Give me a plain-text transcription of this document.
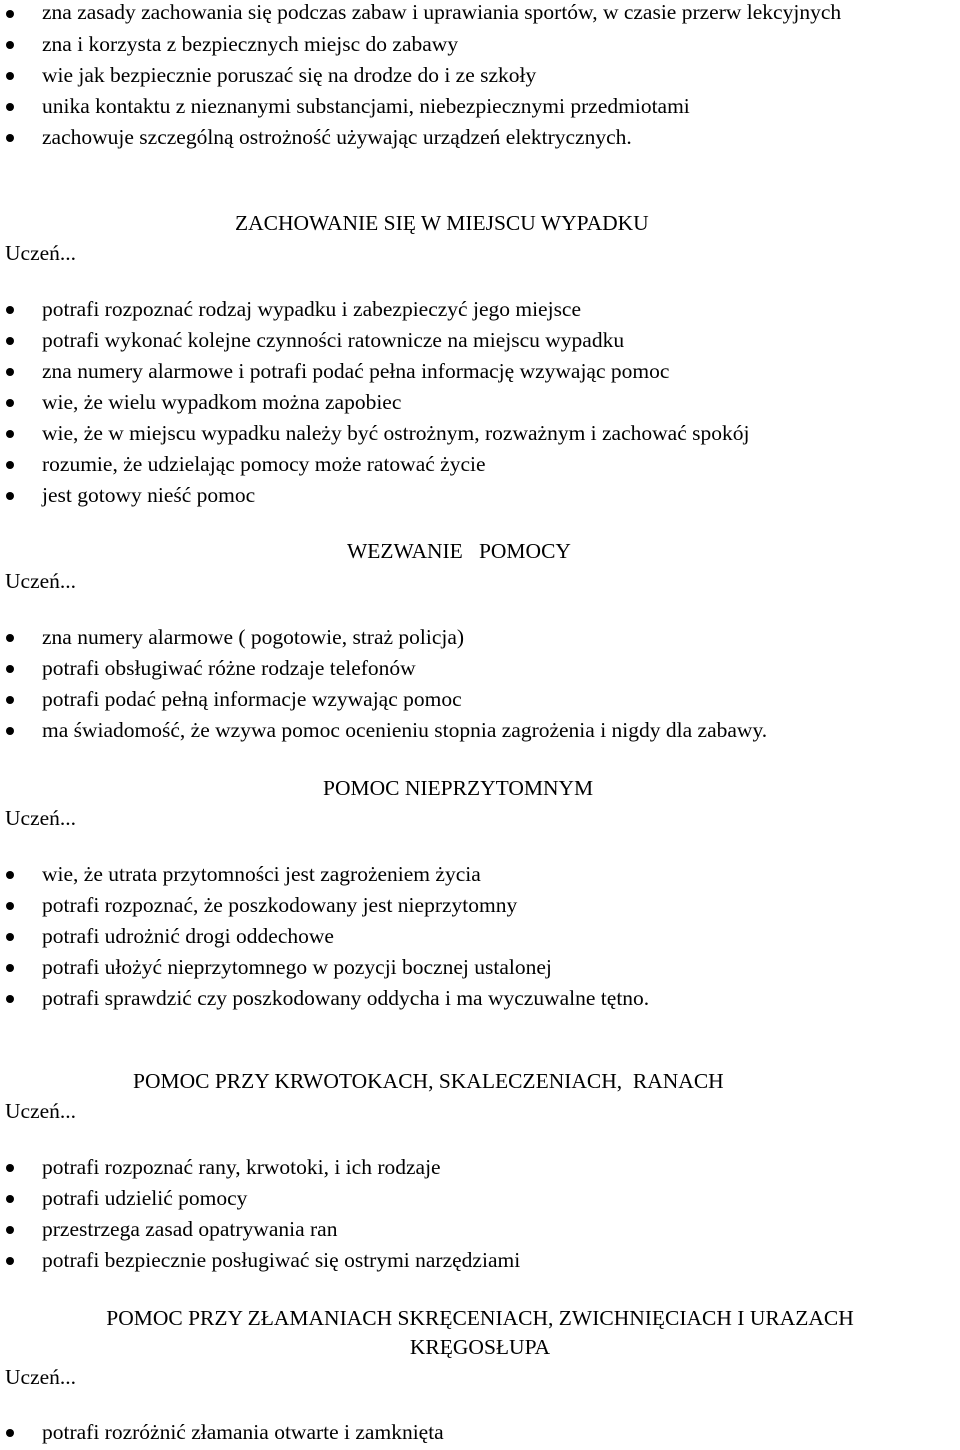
zna zasady zachowania się podczas zabaw i uprawiania sportów, w czasie przerw lekcyjnych
zna i korzysta z bezpiecznych miejsc do zabawy
wie jak bezpiecznie poruszać się na drodze do i ze szkoły
unika kontaktu z nieznanymi substancjami, niebezpiecznymi przedmiotami
zachowuje szczególną ostrożność używając urządzeń elektrycznych.
ZACHOWANIE SIĘ W MIEJSCU WYPADKU
Uczeń...
potrafi rozpoznać rodzaj wypadku i zabezpieczyć jego miejsce
potrafi wykonać kolejne czynności ratownicze na miejscu wypadku
zna numery alarmowe i potrafi podać pełna informację wzywając pomoc
wie, że wielu wypadkom można zapobiec
wie, że w miejscu wypadku należy być ostrożnym, rozważnym i zachować spokój
rozumie, że udzielając pomocy może ratować życie
jest gotowy nieść pomoc
WEZWANIE   POMOCY
Uczeń...
zna numery alarmowe ( pogotowie, straż policja)
potrafi obsługiwać różne rodzaje telefonów
potrafi podać pełną informacje wzywając pomoc
ma świadomość, że wzywa pomoc ocenieniu stopnia zagrożenia i nigdy dla zabawy.
POMOC NIEPRZYTOMNYM
Uczeń...
wie, że utrata przytomności jest zagrożeniem życia
potrafi rozpoznać, że poszkodowany jest nieprzytomny
potrafi udrożnić drogi oddechowe
potrafi ułożyć nieprzytomnego w pozycji bocznej ustalonej
potrafi sprawdzić czy poszkodowany oddycha i ma wyczuwalne tętno.
POMOC PRZY KRWOTOKACH, SKALECZENIACH,  RANACH
Uczeń...
potrafi rozpoznać rany, krwotoki, i ich rodzaje
potrafi udzielić pomocy
przestrzega zasad opatrywania ran
potrafi bezpiecznie posługiwać się ostrymi narzędziami
POMOC PRZY ZŁAMANIACH SKRĘCENIACH, ZWICHNIĘCIACH I URAZACH
KRĘGOSŁUPA
Uczeń...
potrafi rozróżnić złamania otwarte i zamknięta
